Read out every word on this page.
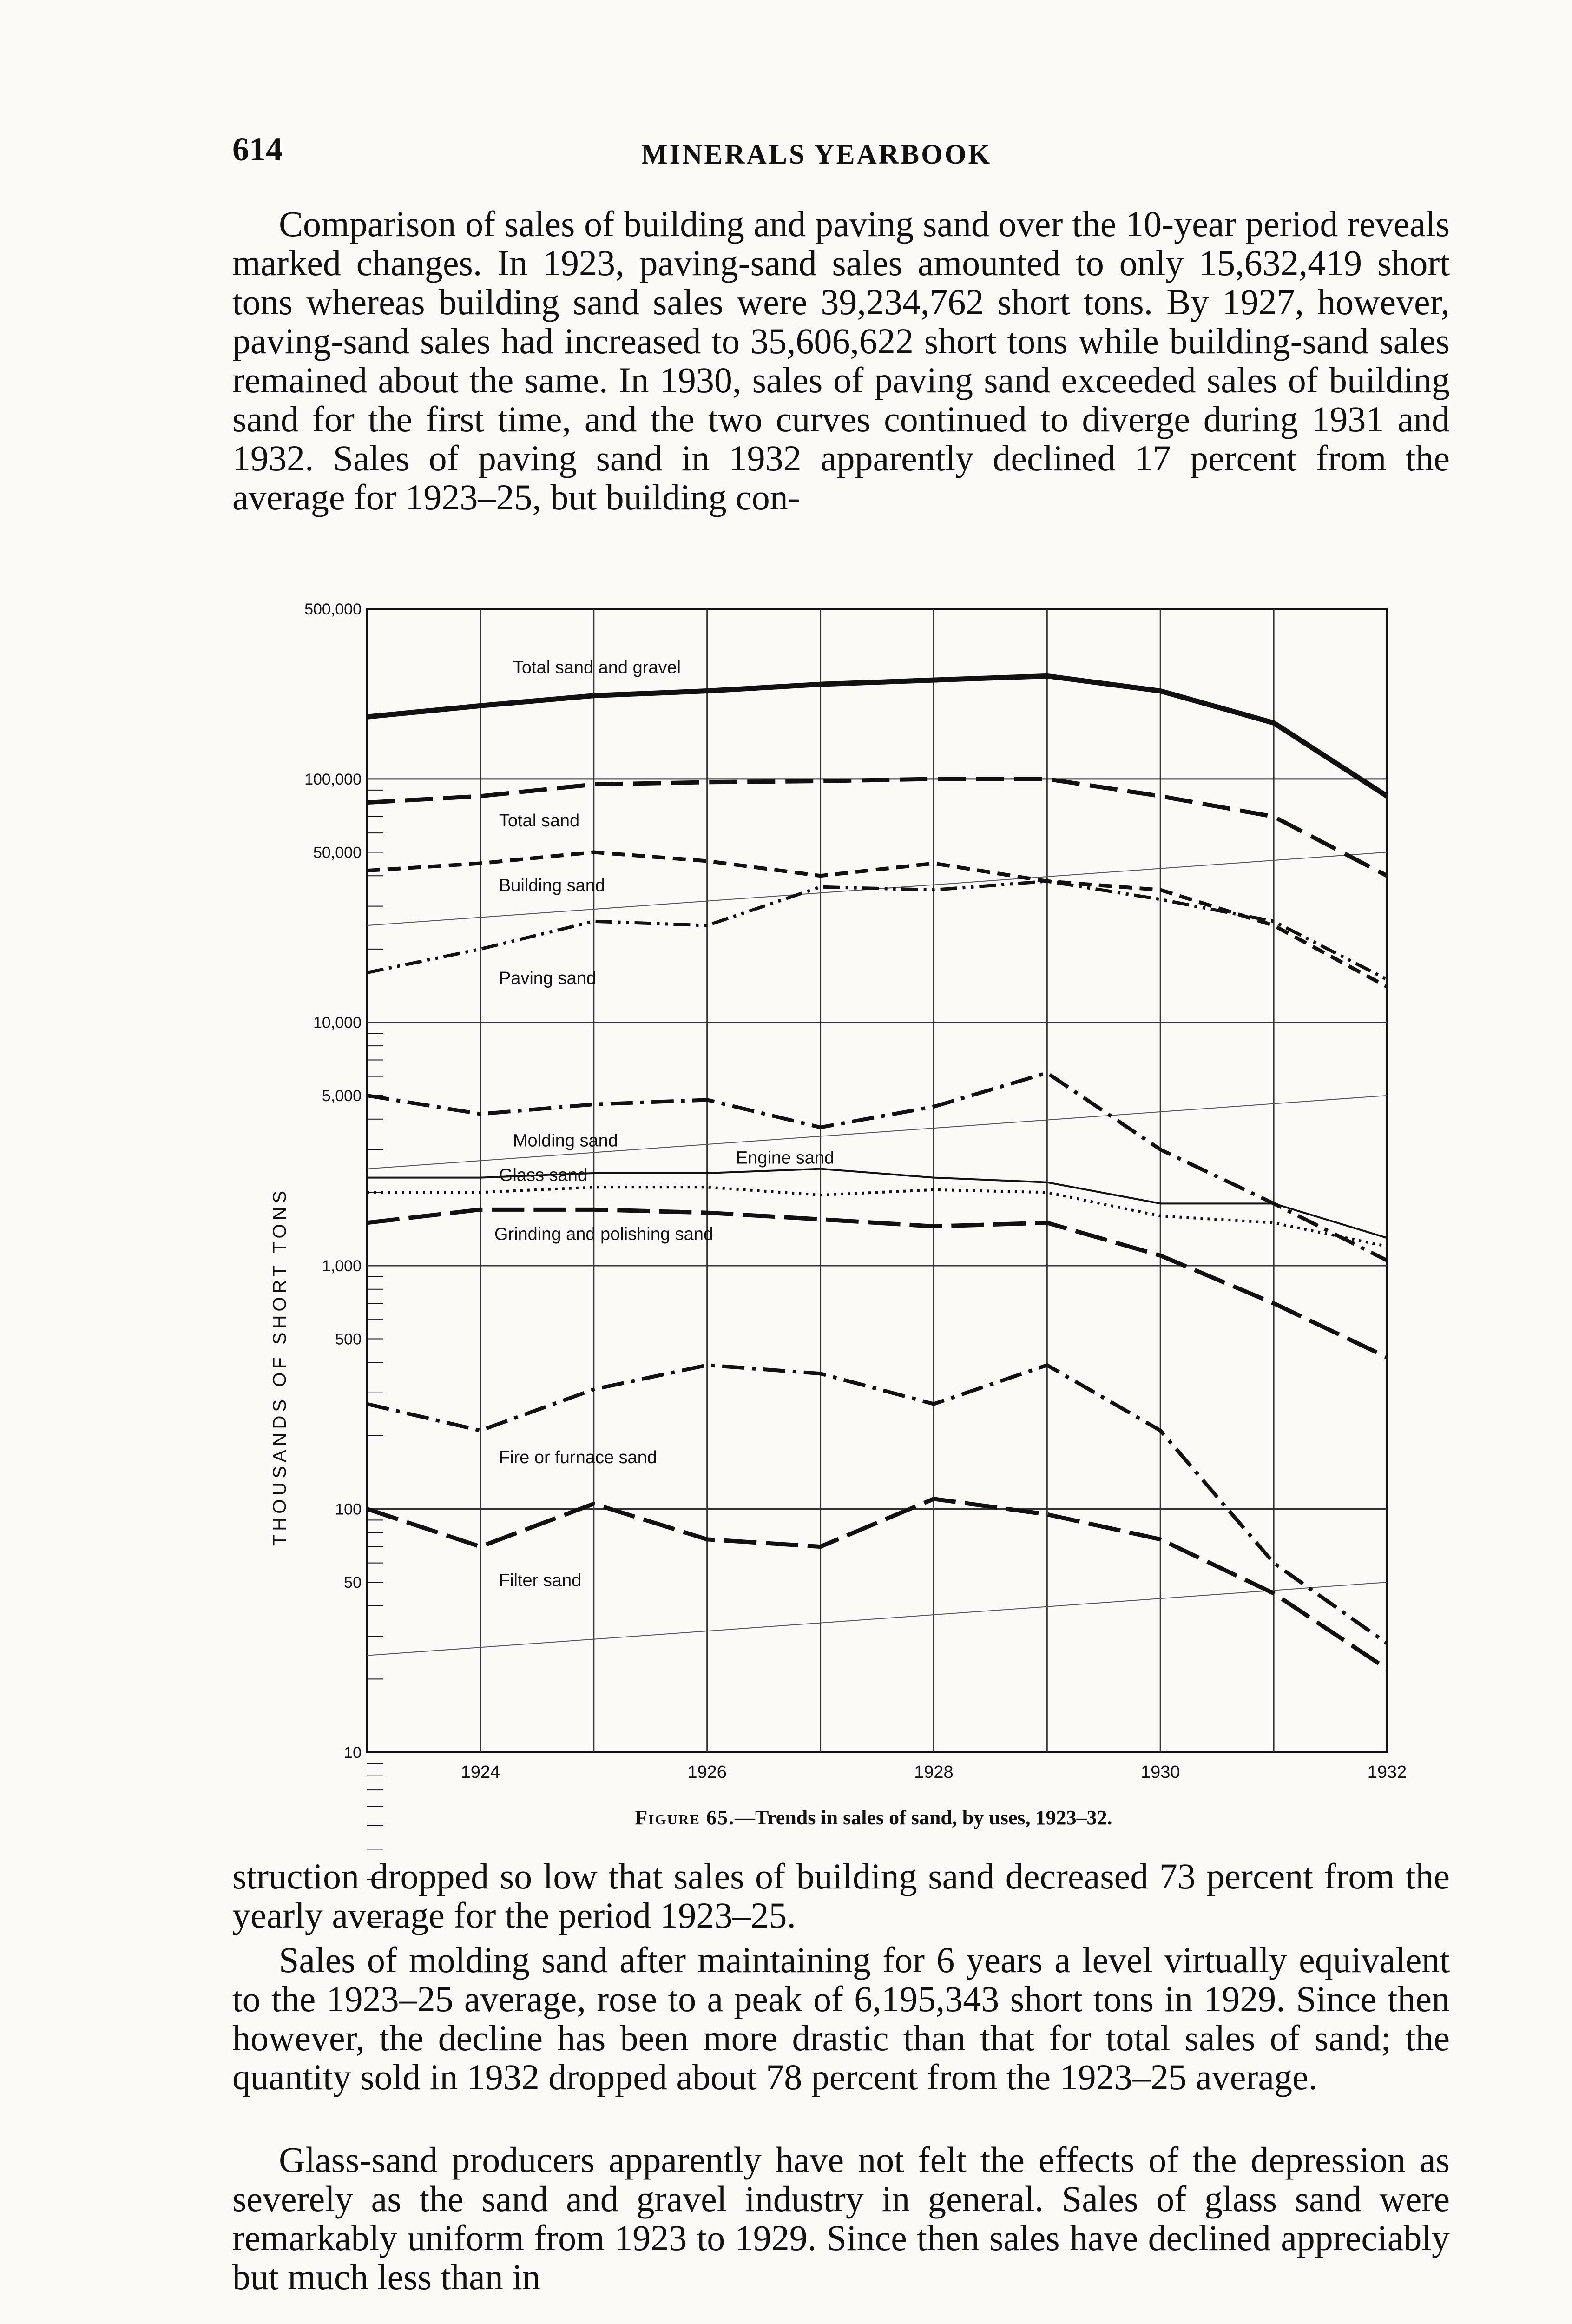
614	MINERALS YEARBOOK

Comparison of sales of building and paving sand over the 10-year period reveals marked changes. In 1923, paving-sand sales amounted to only 15,632,419 short tons whereas building sand sales were 39,234,762 short tons. By 1927, however, paving-sand sales had increased to 35,606,622 short tons while building-sand sales remained about the same. In 1930, sales of paving sand exceeded sales of building sand for the first time, and the two curves continued to diverge during 1931 and 1932. Sales of paving sand in 1932 apparently declined 17 percent from the average for 1923–25, but building con-

500,000
100,000
50,000
10,000
5,000
1,000
500
100
50
10
1924	1926	1928	1930	1932
THOUSANDS OF SHORT TONS
Total sand and gravel
Total sand
Building sand
Paving sand
Molding sand
Engine sand
Glass sand
Grinding and polishing sand
Fire or furnace sand
Filter sand
Figure 65.—Trends in sales of sand, by uses, 1923–32.

struction dropped so low that sales of building sand decreased 73 percent from the yearly average for the period 1923–25.

Sales of molding sand after maintaining for 6 years a level virtually equivalent to the 1923–25 average, rose to a peak of 6,195,343 short tons in 1929. Since then however, the decline has been more drastic than that for total sales of sand; the quantity sold in 1932 dropped about 78 percent from the 1923–25 average.

Glass-sand producers apparently have not felt the effects of the depression as severely as the sand and gravel industry in general. Sales of glass sand were remarkably uniform from 1923 to 1929. Since then sales have declined appreciably but much less than in
